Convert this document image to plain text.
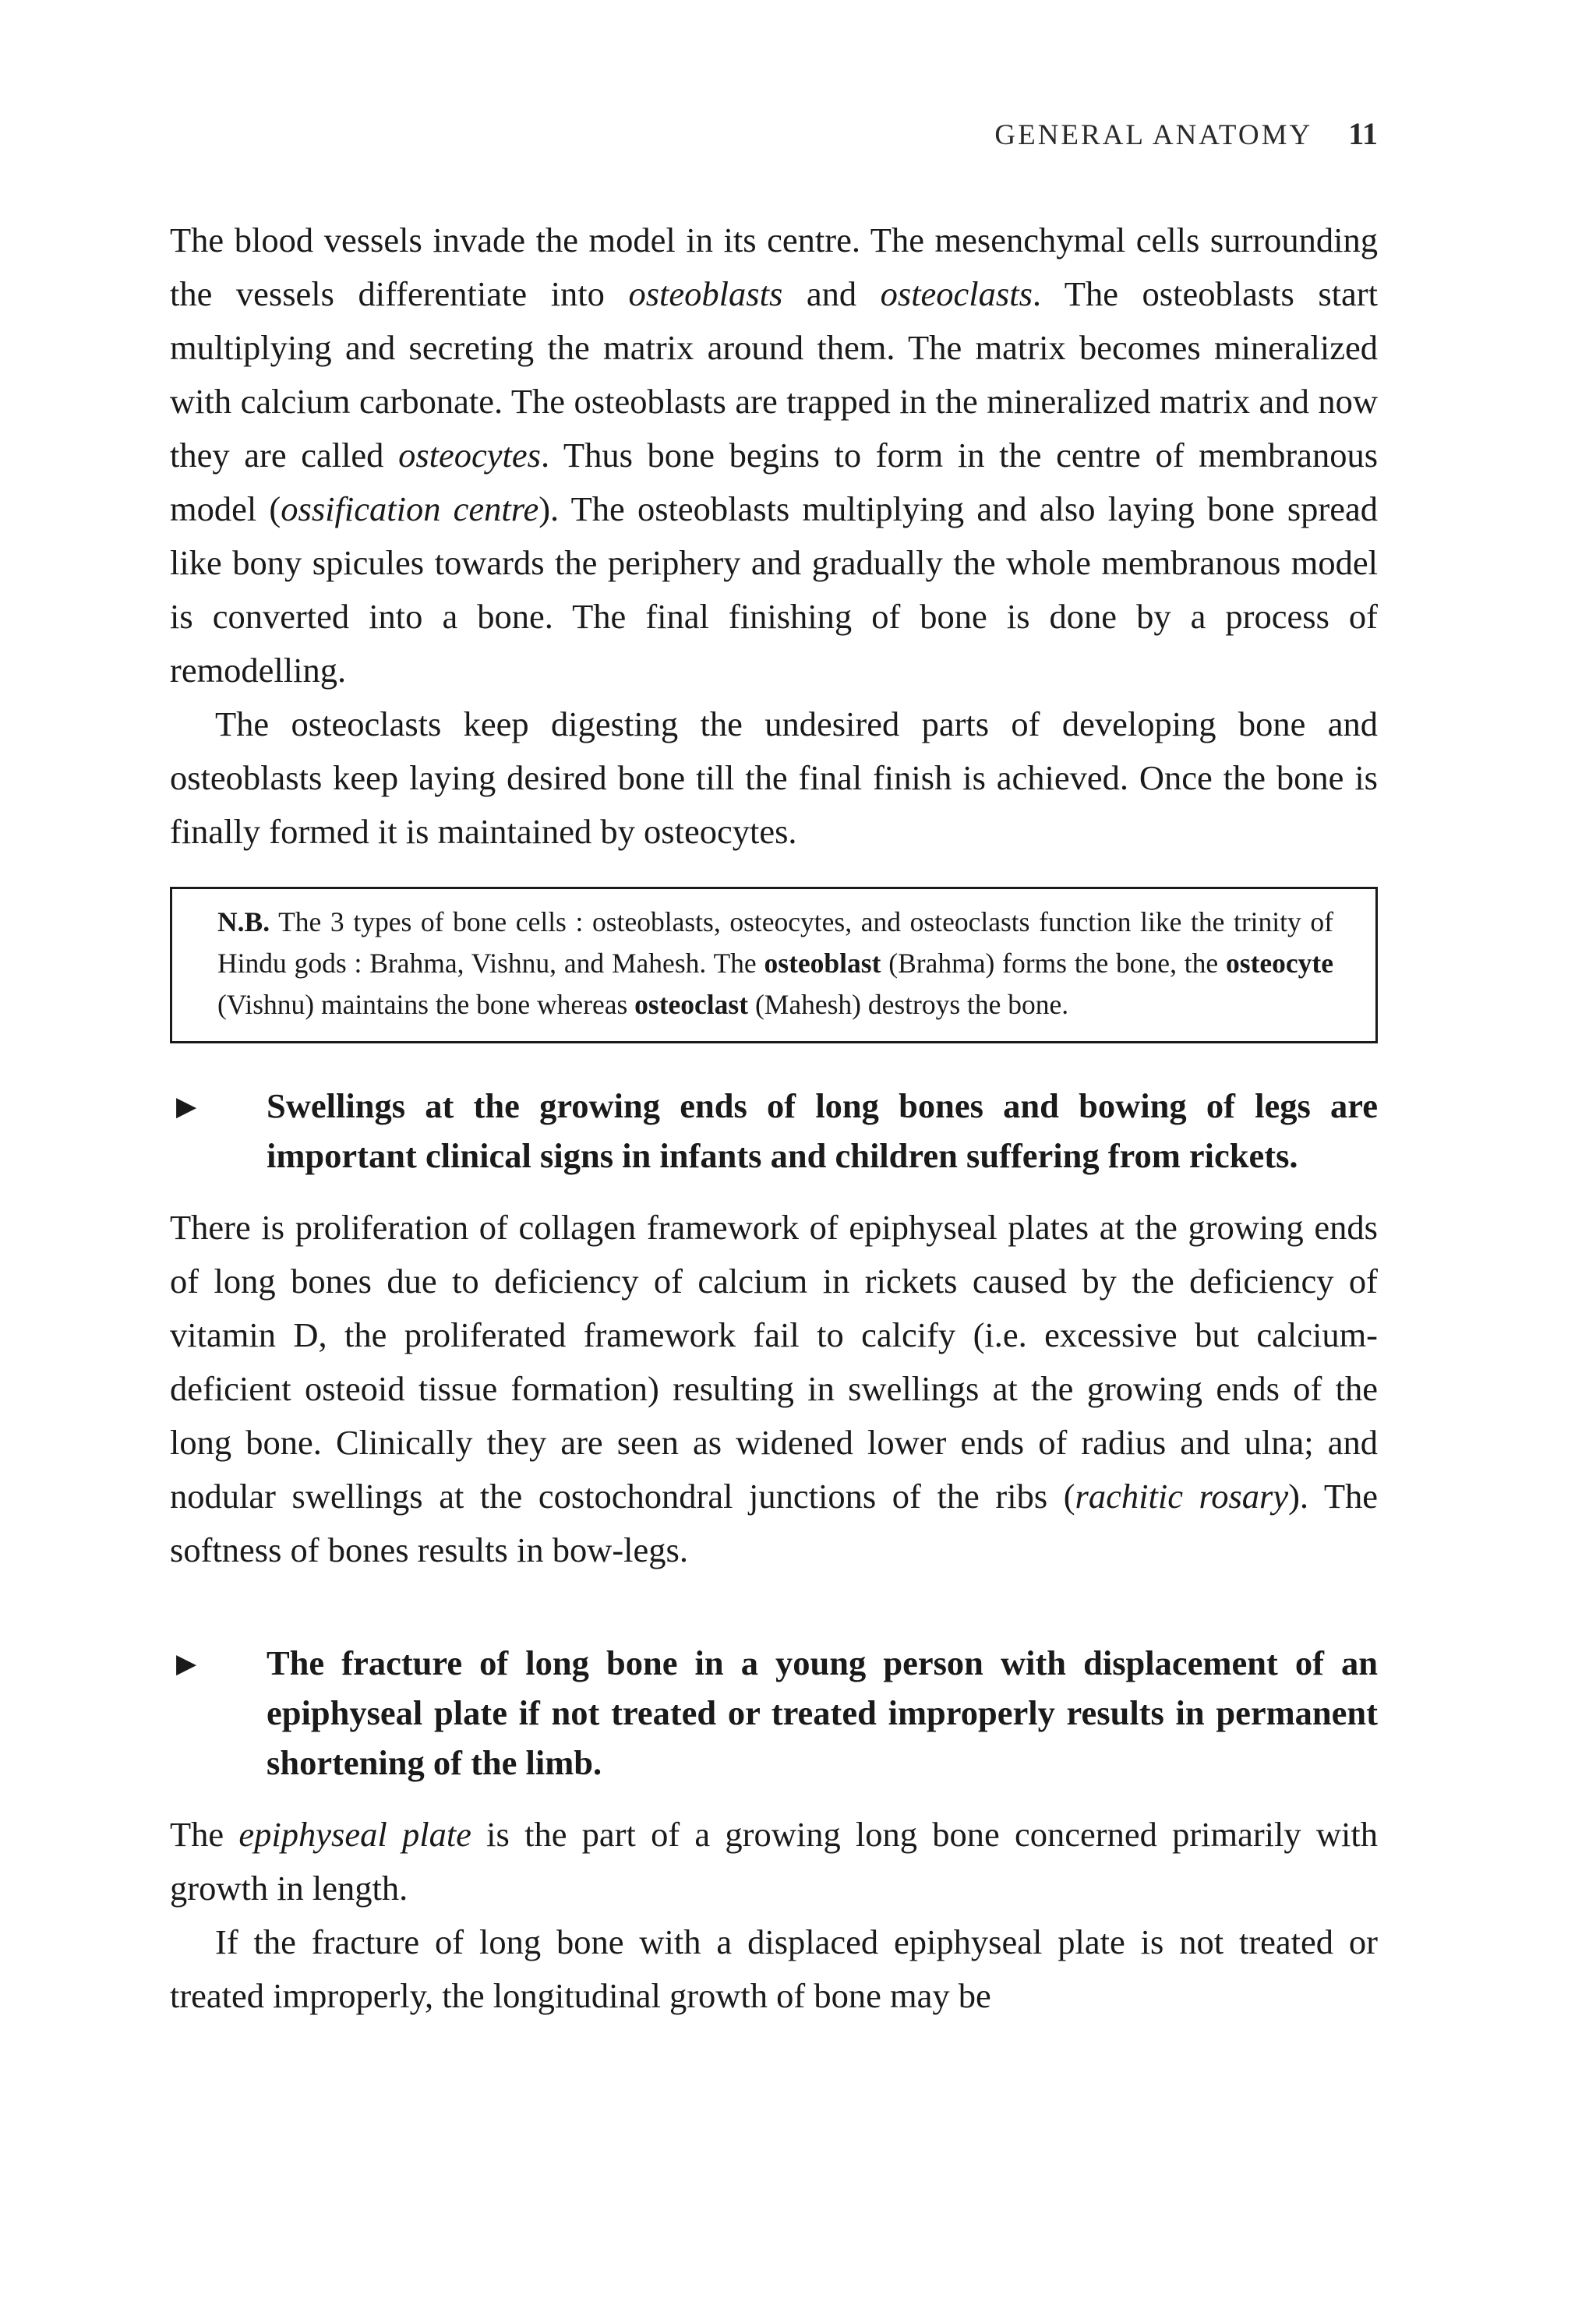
GENERAL ANATOMY 11

The blood vessels invade the model in its centre. The mesenchymal cells surrounding the vessels differentiate into osteoblasts and osteoclasts. The osteoblasts start multiplying and secreting the matrix around them. The matrix becomes mineralized with calcium carbonate. The osteoblasts are trapped in the mineralized matrix and now they are called osteocytes. Thus bone begins to form in the centre of membranous model (ossification centre). The osteoblasts multiplying and also laying bone spread like bony spicules towards the periphery and gradually the whole membranous model is converted into a bone. The final finishing of bone is done by a process of remodelling.

The osteoclasts keep digesting the undesired parts of developing bone and osteoblasts keep laying desired bone till the final finish is achieved. Once the bone is finally formed it is maintained by osteocytes.

N.B. The 3 types of bone cells : osteoblasts, osteocytes, and osteoclasts function like the trinity of Hindu gods : Brahma, Vishnu, and Mahesh. The osteoblast (Brahma) forms the bone, the osteocyte (Vishnu) maintains the bone whereas osteoclast (Mahesh) destroys the bone.
▶	Swellings at the growing ends of long bones and bowing of legs are important clinical signs in infants and children suffering from rickets.

There is proliferation of collagen framework of epiphyseal plates at the growing ends of long bones due to deficiency of calcium in rickets caused by the deficiency of vitamin D, the proliferated framework fail to calcify (i.e. excessive but calcium-deficient osteoid tissue formation) resulting in swellings at the growing ends of the long bone. Clinically they are seen as widened lower ends of radius and ulna; and nodular swellings at the costochondral junctions of the ribs (rachitic rosary). The softness of bones results in bow-legs.

▶	The fracture of long bone in a young person with displacement of an epiphyseal plate if not treated or treated improperly results in permanent shortening of the limb.

The epiphyseal plate is the part of a growing long bone concerned primarily with growth in length.

If the fracture of long bone with a displaced epiphyseal plate is not treated or treated improperly, the longitudinal growth of bone may be
